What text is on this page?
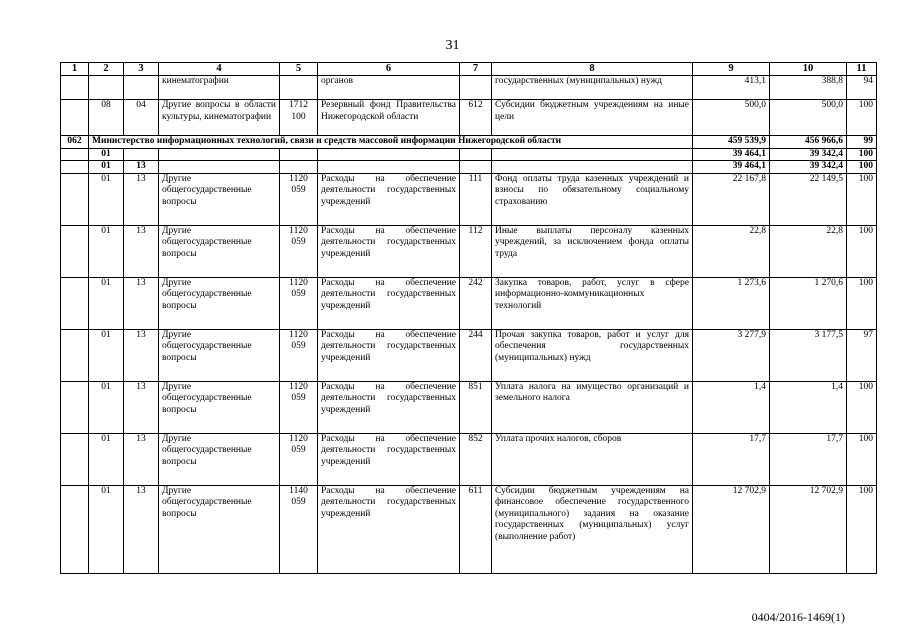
31
1	2	3	4	5	6	7	8	9	10	11
			кинематографии		органов		государственных (муниципальных) нужд	413,1	388,8	94
	08	04	Другие вопросы в области культуры, кинематографии	1712 100	Резервный фонд Правительства Нижегородской области	612	Субсидии бюджетным учреждениям на иные цели	500,0	500,0	100
062	Министерство информационных технологий, связи и средств массовой информации Нижегородской области							459 539,9	456 966,6	99
	01							39 464,1	39 342,4	100
	01	13						39 464,1	39 342,4	100
	01	13	Другие общегосударственные вопросы	1120 059	Расходы на обеспечение деятельности государственных учреждений	111	Фонд оплаты труда казенных учреждений и взносы по обязательному социальному страхованию	22 167,8	22 149,5	100
	01	13	Другие общегосударственные вопросы	1120 059	Расходы на обеспечение деятельности государственных учреждений	112	Иные выплаты персоналу казенных учреждений, за исключением фонда оплаты труда	22,8	22,8	100
	01	13	Другие общегосударственные вопросы	1120 059	Расходы на обеспечение деятельности государственных учреждений	242	Закупка товаров, работ, услуг в сфере информационно-коммуникационных технологий	1 273,6	1 270,6	100
	01	13	Другие общегосударственные вопросы	1120 059	Расходы на обеспечение деятельности государственных учреждений	244	Прочая закупка товаров, работ и услуг для обеспечения государственных (муниципальных) нужд	3 277,9	3 177,5	97
	01	13	Другие общегосударственные вопросы	1120 059	Расходы на обеспечение деятельности государственных учреждений	851	Уплата налога на имущество организаций и земельного налога	1,4	1,4	100
	01	13	Другие общегосударственные вопросы	1120 059	Расходы на обеспечение деятельности государственных учреждений	852	Уплата прочих налогов, сборов	17,7	17,7	100
	01	13	Другие общегосударственные вопросы	1140 059	Расходы на обеспечение деятельности государственных учреждений	611	Субсидии бюджетным учреждениям на финансовое обеспечение государственного (муниципального) задания на оказание государственных (муниципальных) услуг (выполнение работ)	12 702,9	12 702,9	100
0404/2016-1469(1)
